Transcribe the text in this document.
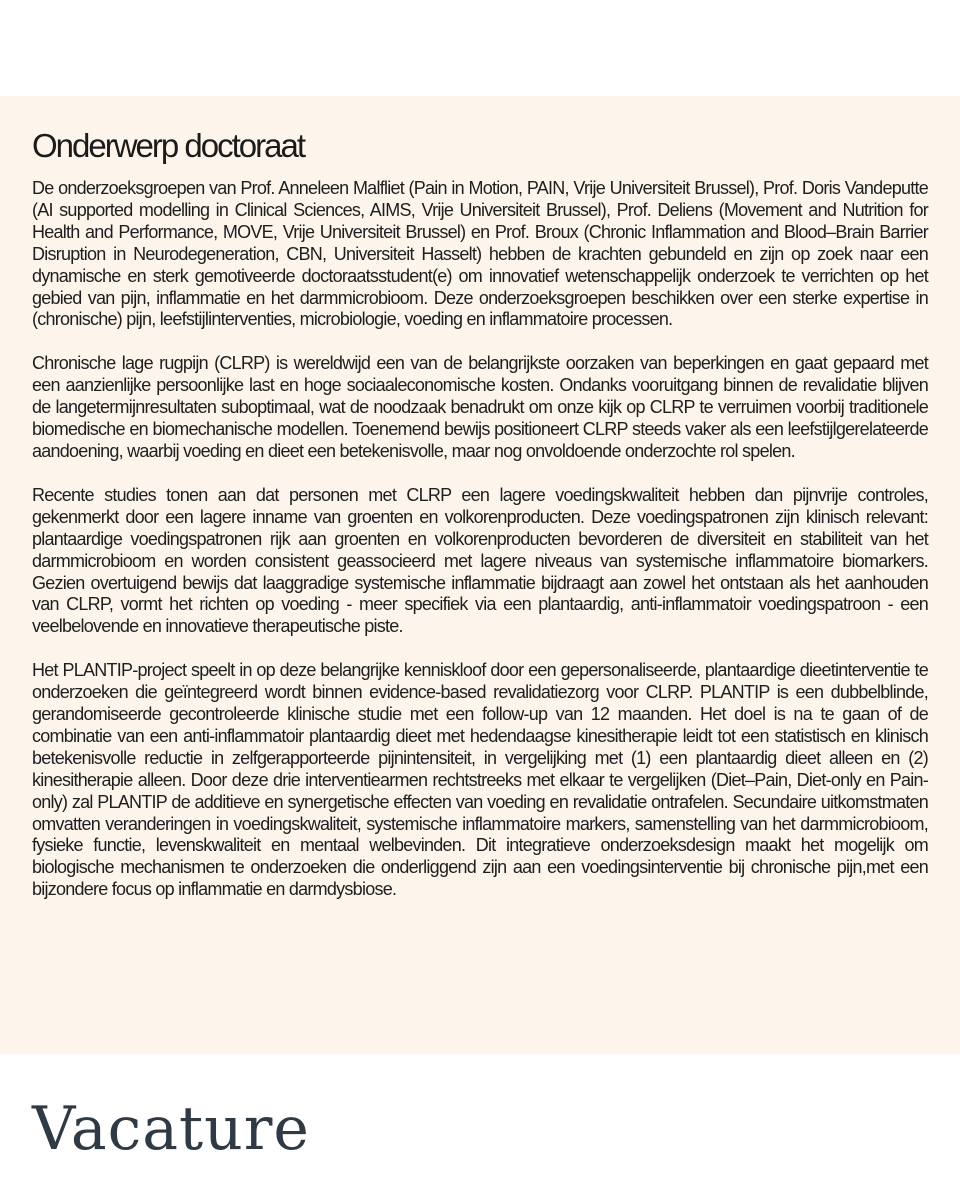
Onderwerp doctoraat

De onderzoeksgroepen van Prof. Anneleen Malfliet (Pain in Motion, PAIN, Vrije Universiteit Brussel), Prof. Doris Vandeputte (AI supported modelling in Clinical Sciences, AIMS, Vrije Universiteit Brussel), Prof. Deliens (Movement and Nutrition for Health and Performance, MOVE, Vrije Universiteit Brussel) en Prof. Broux (Chronic Inflammation and Blood–Brain Barrier Disruption in Neurodegeneration, CBN, Universiteit Hasselt) hebben de krachten gebundeld en zijn op zoek naar een dynamische en sterk gemotiveerde doctoraatsstudent(e) om innovatief wetenschappelijk onderzoek te verrichten op het gebied van pijn, inflammatie en het darmmicrobioom. Deze onderzoeksgroepen beschikken over een sterke expertise in (chronische) pijn, leefstijlinterventies, microbiologie, voeding en inflammatoire processen.

Chronische lage rugpijn (CLRP) is wereldwijd een van de belangrijkste oorzaken van beperkingen en gaat gepaard met een aanzienlijke persoonlijke last en hoge sociaaleconomische kosten. Ondanks vooruitgang binnen de revalidatie blijven de langetermijnresultaten suboptimaal, wat de noodzaak benadrukt om onze kijk op CLRP te verruimen voorbij traditionele biomedische en biomechanische modellen. Toenemend bewijs positioneert CLRP steeds vaker als een leefstijlgerelateerde aandoening, waarbij voeding en dieet een betekenisvolle, maar nog onvoldoende onderzochte rol spelen.

Recente studies tonen aan dat personen met CLRP een lagere voedingskwaliteit hebben dan pijnvrije controles, gekenmerkt door een lagere inname van groenten en volkorenproducten. Deze voedingspatronen zijn klinisch relevant: plantaardige voedingspatronen rijk aan groenten en volkorenproducten bevorderen de diversiteit en stabiliteit van het darmmicrobioom en worden consistent geassocieerd met lagere niveaus van systemische inflammatoire biomarkers. Gezien overtuigend bewijs dat laaggradige systemische inflammatie bijdraagt aan zowel het ontstaan als het aanhouden van CLRP, vormt het richten op voeding - meer specifiek via een plantaardig, anti-inflammatoir voedingspatroon - een veelbelovende en innovatieve therapeutische piste.

Het PLANTIP-project speelt in op deze belangrijke kenniskloof door een gepersonaliseerde, plantaardige dieetinterventie te onderzoeken die geïntegreerd wordt binnen evidence-based revalidatiezorg voor CLRP. PLANTIP is een dubbelblinde, gerandomiseerde gecontroleerde klinische studie met een follow-up van 12 maanden. Het doel is na te gaan of de combinatie van een anti-inflammatoir plantaardig dieet met hedendaagse kinesitherapie leidt tot een statistisch en klinisch betekenisvolle reductie in zelfgerapporteerde pijnintensiteit, in vergelijking met (1) een plantaardig dieet alleen en (2) kinesitherapie alleen. Door deze drie interventiearmen rechtstreeks met elkaar te vergelijken (Diet–Pain, Diet-only en Pain-only) zal PLANTIP de additieve en synergetische effecten van voeding en revalidatie ontrafelen. Secundaire uitkomstmaten omvatten veranderingen in voedingskwaliteit, systemische inflammatoire markers, samenstelling van het darmmicrobioom, fysieke functie, levenskwaliteit en mentaal welbevinden. Dit integratieve onderzoeksdesign maakt het mogelijk om biologische mechanismen te onderzoeken die onderliggend zijn aan een voedingsinterventie bij chronische pijn,met een bijzondere focus op inflammatie en darmdysbiose.

Vacature
